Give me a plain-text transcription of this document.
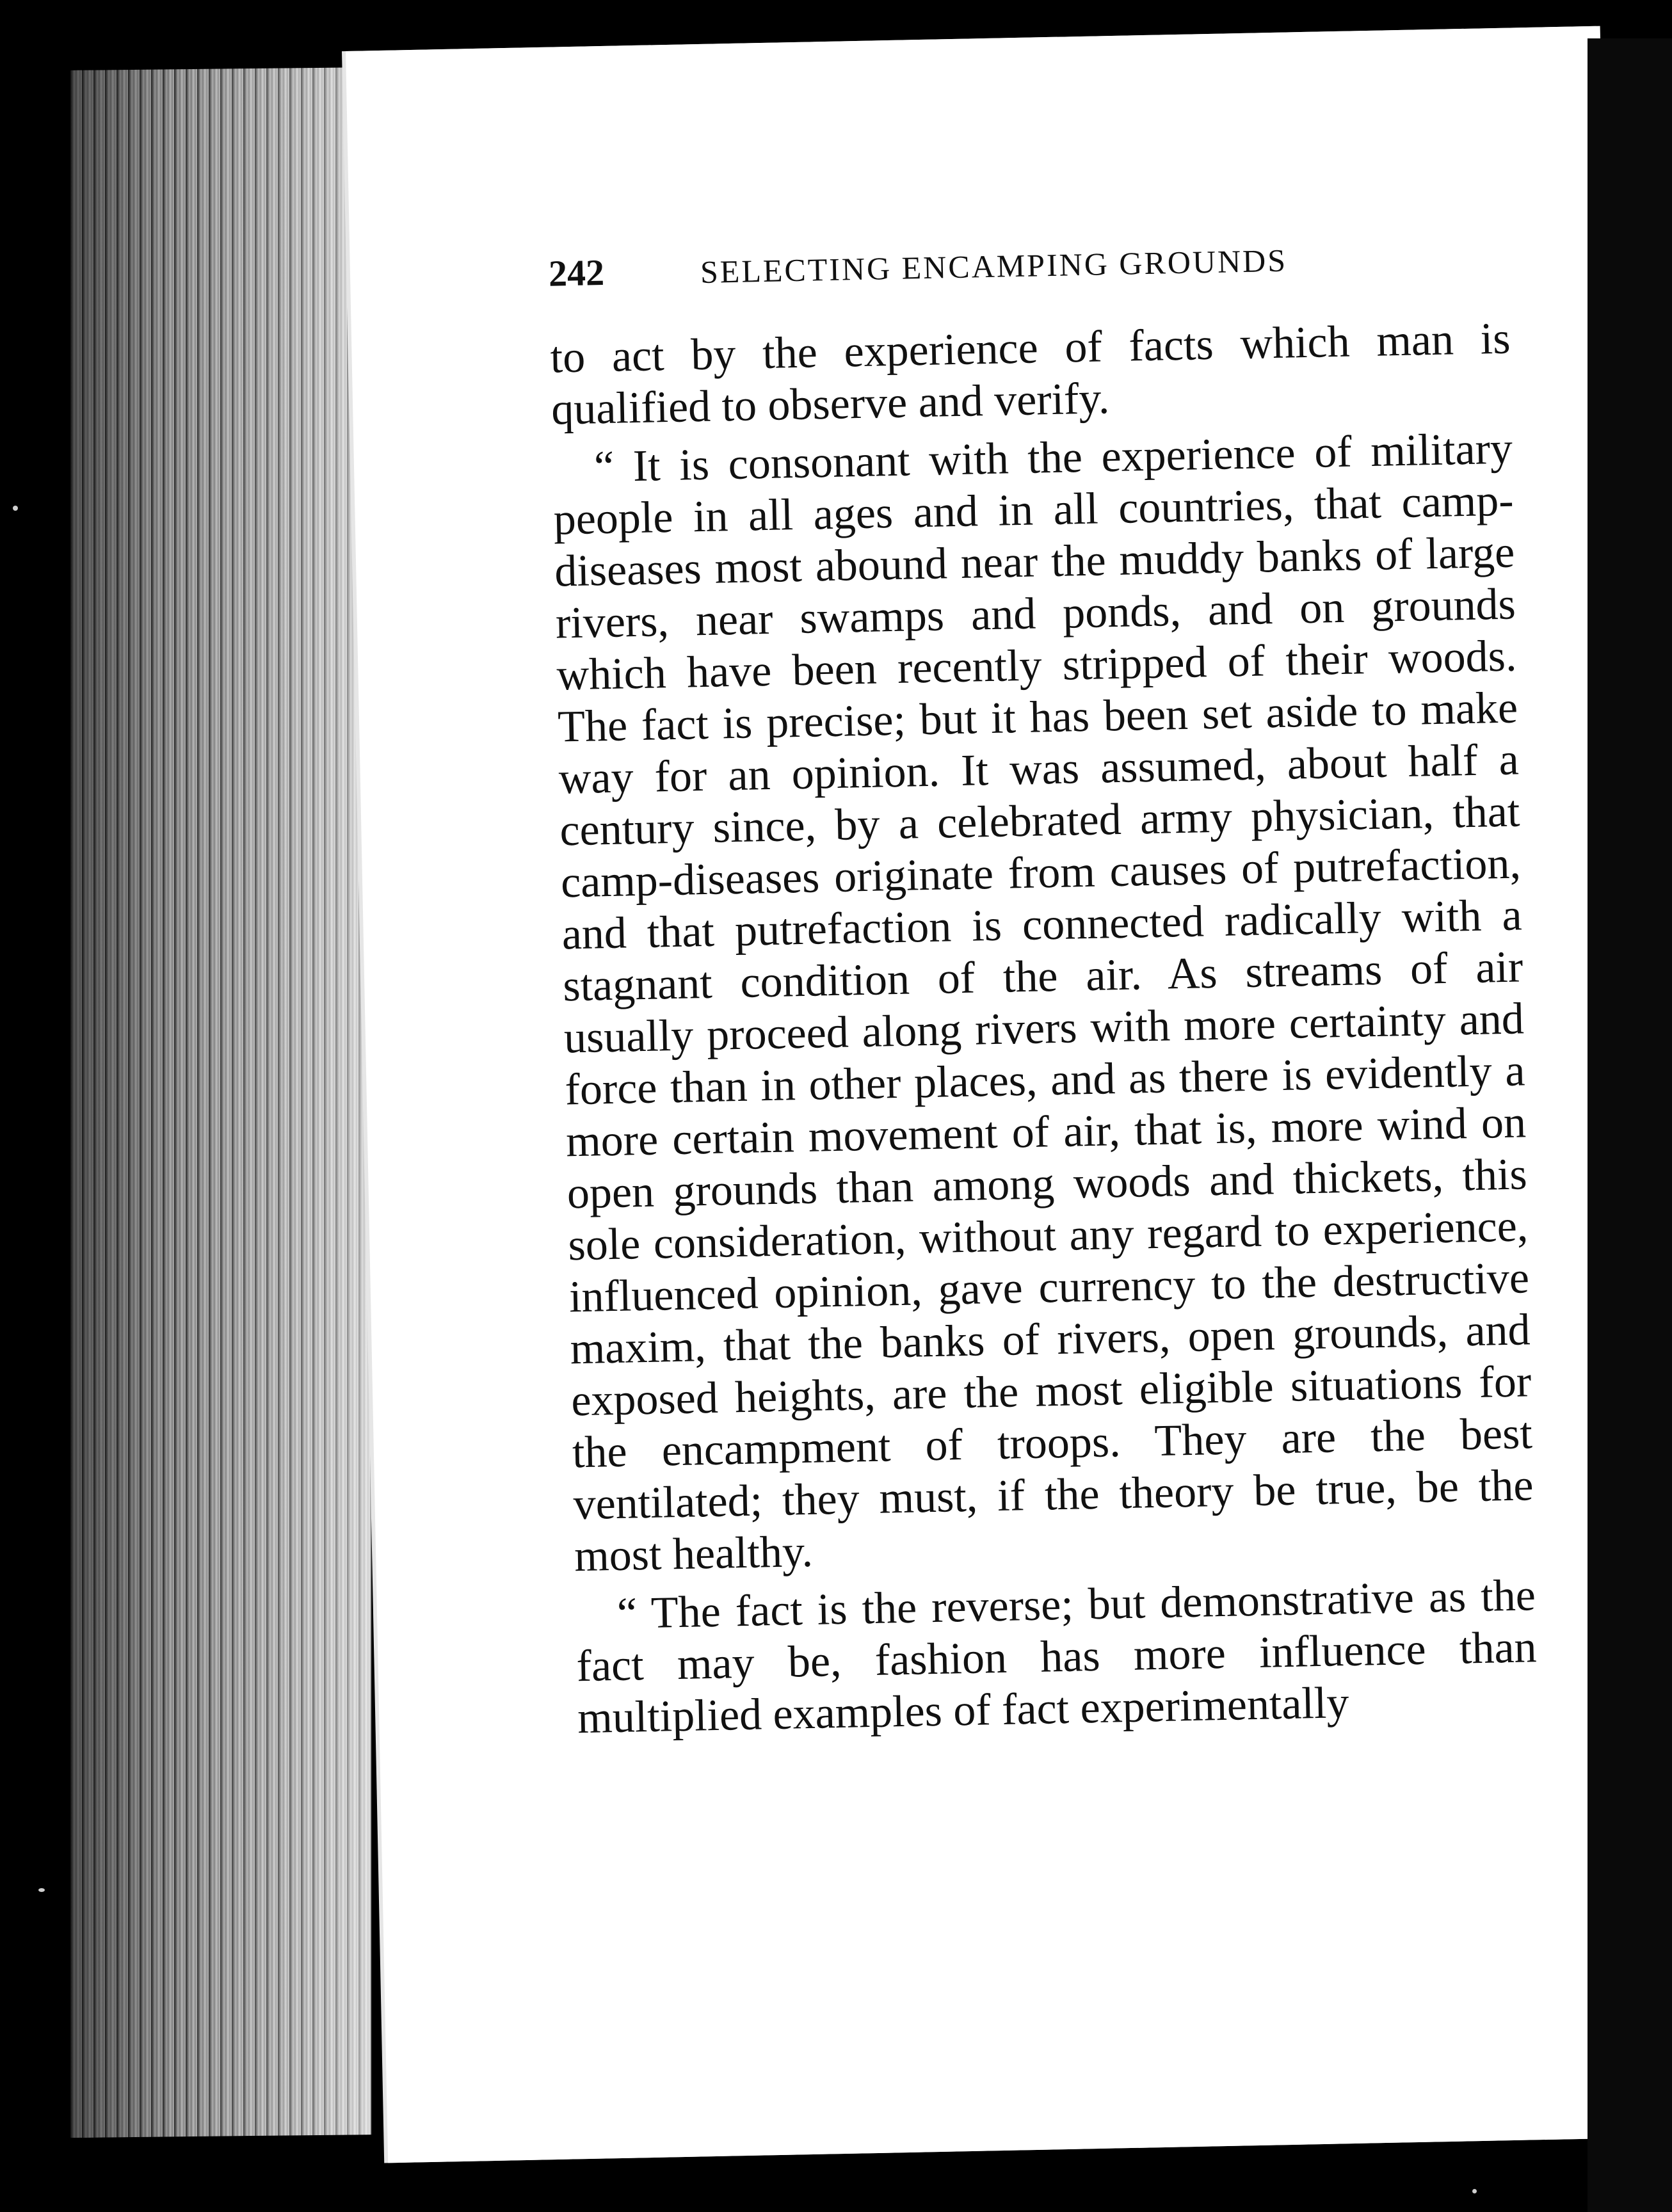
242	SELECTING ENCAMPING GROUNDS

to act by the experience of facts which man is qualified to observe and verify.

“ It is consonant with the experience of military people in all ages and in all countries, that camp-diseases most abound near the muddy banks of large rivers, near swamps and ponds, and on grounds which have been recently stripped of their woods. The fact is precise; but it has been set aside to make way for an opinion. It was assumed, about half a century since, by a celebrated army physician, that camp-diseases originate from causes of putrefaction, and that putrefaction is connected radically with a stagnant condition of the air. As streams of air usually proceed along rivers with more certainty and force than in other places, and as there is evidently a more certain movement of air, that is, more wind on open grounds than among woods and thickets, this sole consideration, without any regard to experience, influenced opinion, gave currency to the destructive maxim, that the banks of rivers, open grounds, and exposed heights, are the most eligible situations for the encampment of troops. They are the best ventilated; they must, if the theory be true, be the most healthy.

“ The fact is the reverse; but demonstrative as the fact may be, fashion has more influence than multiplied examples of fact experimentally
